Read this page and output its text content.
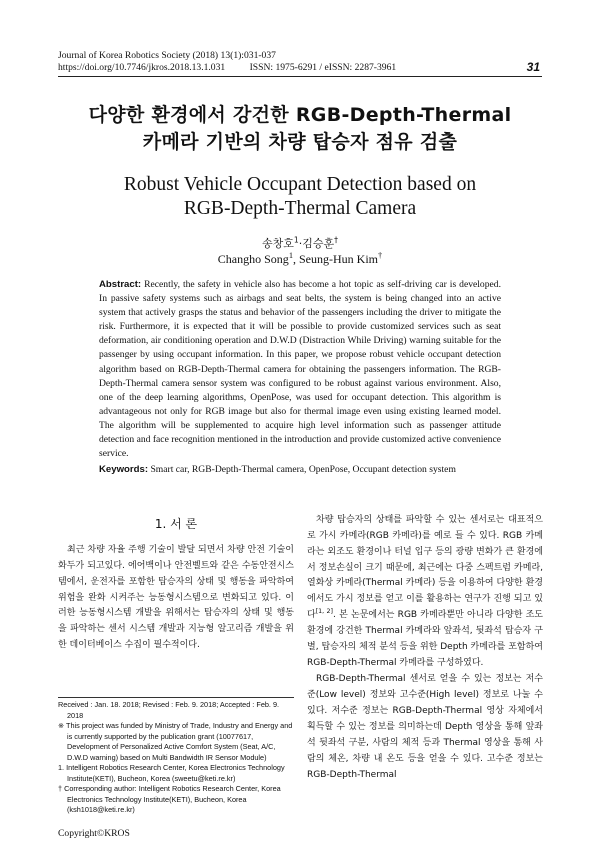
Journal of Korea Robotics Society (2018) 13(1):031-037
https://doi.org/10.7746/jkros.2018.13.1.031	ISSN: 1975-6291 / eISSN: 2287-3961	31
다양한 환경에서 강건한 RGB-Depth-Thermal
카메라 기반의 차량 탑승자 점유 검출
Robust Vehicle Occupant Detection based on
RGB-Depth-Thermal Camera
송창호$^1$·김승훈†
Changho Song$^1$, Seung-Hun Kim†
Abstract: Recently, the safety in vehicle also has become a hot topic as self-driving car is developed. In passive safety systems such as airbags and seat belts, the system is being changed into an active system that actively grasps the status and behavior of the passengers including the driver to mitigate the risk. Furthermore, it is expected that it will be possible to provide customized services such as seat deformation, air conditioning operation and D.W.D (Distraction While Driving) warning suitable for the passenger by using occupant information. In this paper, we propose robust vehicle occupant detection algorithm based on RGB-Depth-Thermal camera for obtaining the passengers information. The RGB-Depth-Thermal camera sensor system was configured to be robust against various environment. Also, one of the deep learning algorithms, OpenPose, was used for occupant detection. This algorithm is advantageous not only for RGB image but also for thermal image even using existing learned model. The algorithm will be supplemented to acquire high level information such as passenger attitude detection and face recognition mentioned in the introduction and provide customized active convenience service.
Keywords: Smart car, RGB-Depth-Thermal camera, OpenPose, Occupant detection system
1. 서 론
최근 차량 자율 주행 기술이 발달 되면서 차량 안전 기술이 화두가 되고있다. 에어백이나 안전벨트와 같은 수동안전시스템에서, 운전자를 포함한 탑승자의 상태 및 행동을 파악하여 위험을 완화 시켜주는 능동형시스템으로 변화되고 있다. 이러한 능동형시스템 개발을 위해서는 탑승자의 상태 및 행동을 파악하는 센서 시스템 개발과 지능형 알고리즘 개발을 위한 데이터베이스 수집이 필수적이다.

차량 탑승자의 상태를 파악할 수 있는 센서로는 대표적으로 가시 카메라(RGB 카메라)를 예로 들 수 있다. RGB 카메라는 외조도 환경이나 터널 입구 등의 광량 변화가 큰 환경에서 정보손실이 크기 때문에, 최근에는 다중 스펙트럼 카메라, 열화상 카메라(Thermal 카메라) 등을 이용하여 다양한 환경에서도 가시 정보를 얻고 이를 활용하는 연구가 진행 되고 있다[1, 2]. 본 논문에서는 RGB 카메라뿐만 아니라 다양한 조도 환경에 강건한 Thermal 카메라와 앞좌석, 뒷좌석 탑승자 구별, 탑승자의 체적 분석 등을 위한 Depth 카메라를 포함하여 RGB-Depth-Thermal 카메라를 구성하였다.

RGB-Depth-Thermal 센서로 얻을 수 있는 정보는 저수준(Low level) 정보와 고수준(High level) 정보로 나눌 수 있다. 저수준 정보는 RGB-Depth-Thermal 영상 자체에서 획득할 수 있는 정보를 의미하는데 Depth 영상을 통해 앞좌석 뒷좌석 구분, 사람의 체적 등과 Thermal 영상을 통해 사람의 체온, 차량 내 온도 등을 얻을 수 있다. 고수준 정보는 RGB-Depth-Thermal

Received : Jan. 18. 2018; Revised : Feb. 9. 2018; Accepted : Feb. 9. 2018
※ This project was funded by Ministry of Trade, Industry and Energy and is currently supported by the publication grant (10077617, Development of Personalized Active Comfort System (Seat, A/C, D.W.D warning) based on Multi Bandwidth IR Sensor Module)
1. Intelligent Robotics Research Center, Korea Electronics Technology Institute(KETI), Bucheon, Korea (sweetu@keti.re.kr)
† Corresponding author: Intelligent Robotics Research Center, Korea Electronics Technology Institute(KETI), Bucheon, Korea (ksh1018@keti.re.kr)
Copyright©KROS
